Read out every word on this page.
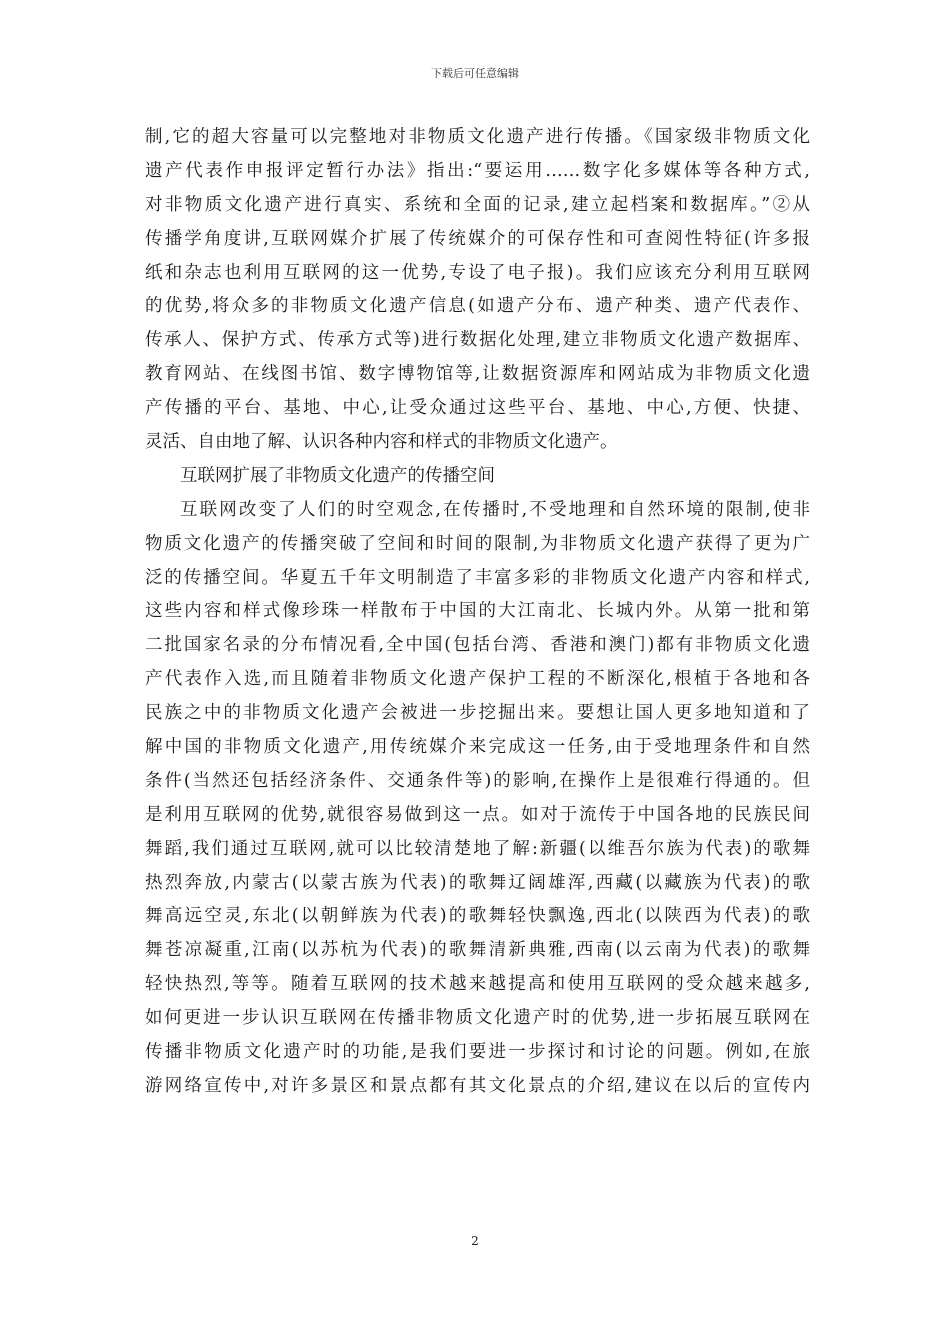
下载后可任意编辑
制,它的超大容量可以完整地对非物质文化遗产进行传播。《国家级非物质文化
遗产代表作申报评定暂行办法》指出:“要运用……数字化多媒体等各种方式,
对非物质文化遗产进行真实、系统和全面的记录,建立起档案和数据库。”②从
传播学角度讲,互联网媒介扩展了传统媒介的可保存性和可查阅性特征(许多报
纸和杂志也利用互联网的这一优势,专设了电子报)。我们应该充分利用互联网
的优势,将众多的非物质文化遗产信息(如遗产分布、遗产种类、遗产代表作、
传承人、保护方式、传承方式等)进行数据化处理,建立非物质文化遗产数据库、
教育网站、在线图书馆、数字博物馆等,让数据资源库和网站成为非物质文化遗
产传播的平台、基地、中心,让受众通过这些平台、基地、中心,方便、快捷、
灵活、自由地了解、认识各种内容和样式的非物质文化遗产。
互联网扩展了非物质文化遗产的传播空间
互联网改变了人们的时空观念,在传播时,不受地理和自然环境的限制,使非
物质文化遗产的传播突破了空间和时间的限制,为非物质文化遗产获得了更为广
泛的传播空间。华夏五千年文明制造了丰富多彩的非物质文化遗产内容和样式,
这些内容和样式像珍珠一样散布于中国的大江南北、长城内外。从第一批和第
二批国家名录的分布情况看,全中国(包括台湾、香港和澳门)都有非物质文化遗
产代表作入选,而且随着非物质文化遗产保护工程的不断深化,根植于各地和各
民族之中的非物质文化遗产会被进一步挖掘出来。要想让国人更多地知道和了
解中国的非物质文化遗产,用传统媒介来完成这一任务,由于受地理条件和自然
条件(当然还包括经济条件、交通条件等)的影响,在操作上是很难行得通的。但
是利用互联网的优势,就很容易做到这一点。如对于流传于中国各地的民族民间
舞蹈,我们通过互联网,就可以比较清楚地了解:新疆(以维吾尔族为代表)的歌舞
热烈奔放,内蒙古(以蒙古族为代表)的歌舞辽阔雄浑,西藏(以藏族为代表)的歌
舞高远空灵,东北(以朝鲜族为代表)的歌舞轻快飘逸,西北(以陕西为代表)的歌
舞苍凉凝重,江南(以苏杭为代表)的歌舞清新典雅,西南(以云南为代表)的歌舞
轻快热烈,等等。随着互联网的技术越来越提高和使用互联网的受众越来越多,
如何更进一步认识互联网在传播非物质文化遗产时的优势,进一步拓展互联网在
传播非物质文化遗产时的功能,是我们要进一步探讨和讨论的问题。例如,在旅
游网络宣传中,对许多景区和景点都有其文化景点的介绍,建议在以后的宣传内
2
